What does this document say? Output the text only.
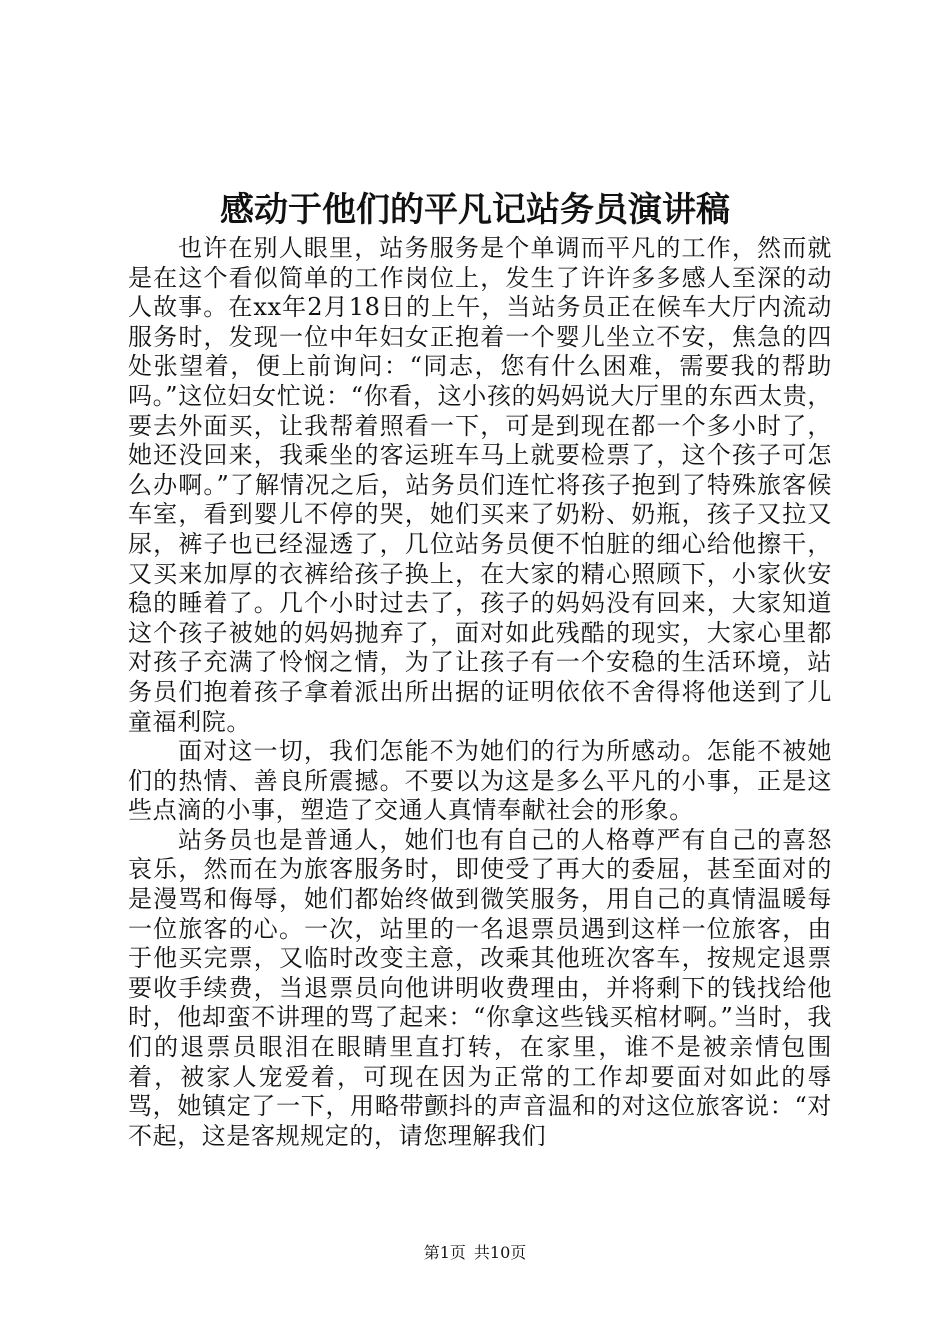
感动于他们的平凡记站务员演讲稿

也许在别人眼里，站务服务是个单调而平凡的工作，然而就是在这个看似简单的工作岗位上，发生了许许多多感人至深的动人故事。在xx年2月18日的上午，当站务员正在候车大厅内流动服务时，发现一位中年妇女正抱着一个婴儿坐立不安，焦急的四处张望着，便上前询问：“同志，您有什么困难，需要我的帮助吗。”这位妇女忙说：“你看，这小孩的妈妈说大厅里的东西太贵，要去外面买，让我帮着照看一下，可是到现在都一个多小时了，她还没回来，我乘坐的客运班车马上就要检票了，这个孩子可怎么办啊。”了解情况之后，站务员们连忙将孩子抱到了特殊旅客候车室，看到婴儿不停的哭，她们买来了奶粉、奶瓶，孩子又拉又尿，裤子也已经湿透了，几位站务员便不怕脏的细心给他擦干，又买来加厚的衣裤给孩子换上，在大家的精心照顾下，小家伙安稳的睡着了。几个小时过去了，孩子的妈妈没有回来，大家知道这个孩子被她的妈妈抛弃了，面对如此残酷的现实，大家心里都对孩子充满了怜悯之情，为了让孩子有一个安稳的生活环境，站务员们抱着孩子拿着派出所出据的证明依依不舍得将他送到了儿童福利院。

面对这一切，我们怎能不为她们的行为所感动。怎能不被她们的热情、善良所震撼。不要以为这是多么平凡的小事，正是这些点滴的小事，塑造了交通人真情奉献社会的形象。

站务员也是普通人，她们也有自己的人格尊严有自己的喜怒哀乐，然而在为旅客服务时，即使受了再大的委屈，甚至面对的是漫骂和侮辱，她们都始终做到微笑服务，用自己的真情温暖每一位旅客的心。一次，站里的一名退票员遇到这样一位旅客，由于他买完票，又临时改变主意，改乘其他班次客车，按规定退票要收手续费，当退票员向他讲明收费理由，并将剩下的钱找给他时，他却蛮不讲理的骂了起来：“你拿这些钱买棺材啊。”当时，我们的退票员眼泪在眼睛里直打转，在家里，谁不是被亲情包围着，被家人宠爱着，可现在因为正常的工作却要面对如此的辱骂，她镇定了一下，用略带颤抖的声音温和的对这位旅客说：“对不起，这是客规规定的，请您理解我们

第1页 共10页
